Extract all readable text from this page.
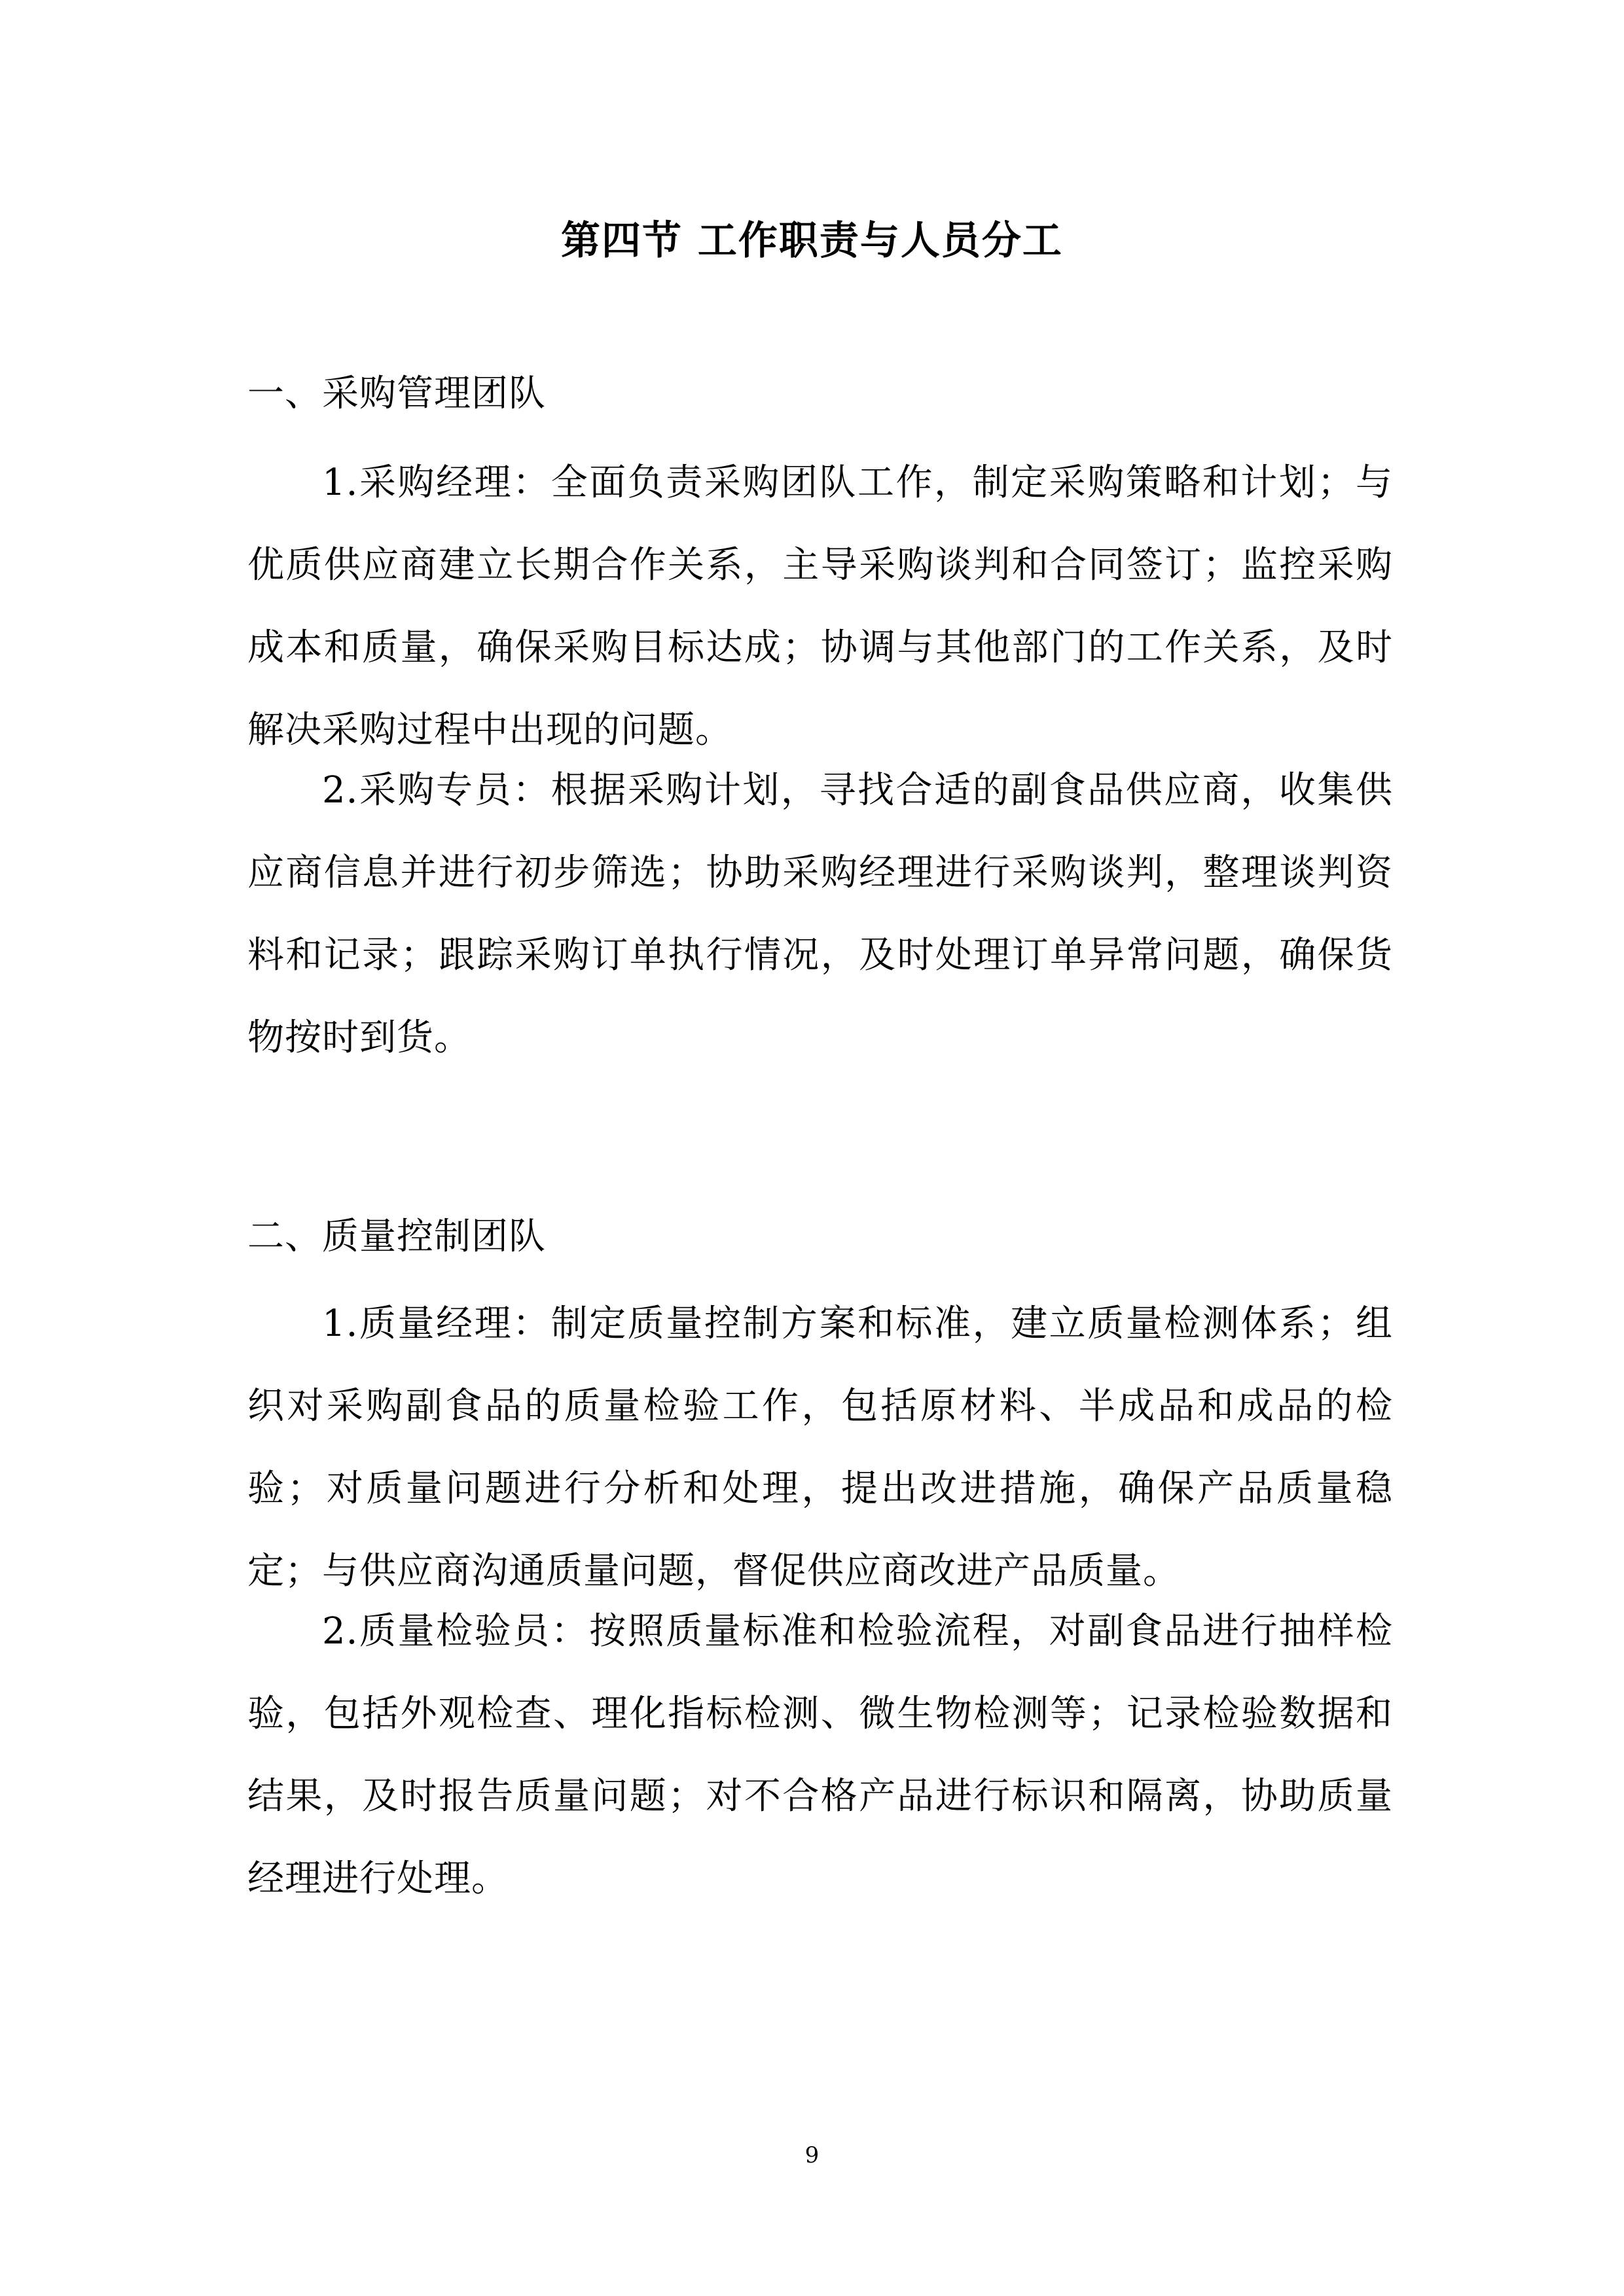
第四节 工作职责与人员分工
一、采购管理团队
1.采购经理：全面负责采购团队工作，制定采购策略和计划；与优质供应商建立长期合作关系，主导采购谈判和合同签订；监控采购成本和质量，确保采购目标达成；协调与其他部门的工作关系，及时解决采购过程中出现的问题。
2.采购专员：根据采购计划，寻找合适的副食品供应商，收集供应商信息并进行初步筛选；协助采购经理进行采购谈判，整理谈判资料和记录；跟踪采购订单执行情况，及时处理订单异常问题，确保货物按时到货。
二、质量控制团队
1.质量经理：制定质量控制方案和标准，建立质量检测体系；组织对采购副食品的质量检验工作，包括原材料、半成品和成品的检验；对质量问题进行分析和处理，提出改进措施，确保产品质量稳定；与供应商沟通质量问题，督促供应商改进产品质量。
2.质量检验员：按照质量标准和检验流程，对副食品进行抽样检验，包括外观检查、理化指标检测、微生物检测等；记录检验数据和结果，及时报告质量问题；对不合格产品进行标识和隔离，协助质量经理进行处理。
9
